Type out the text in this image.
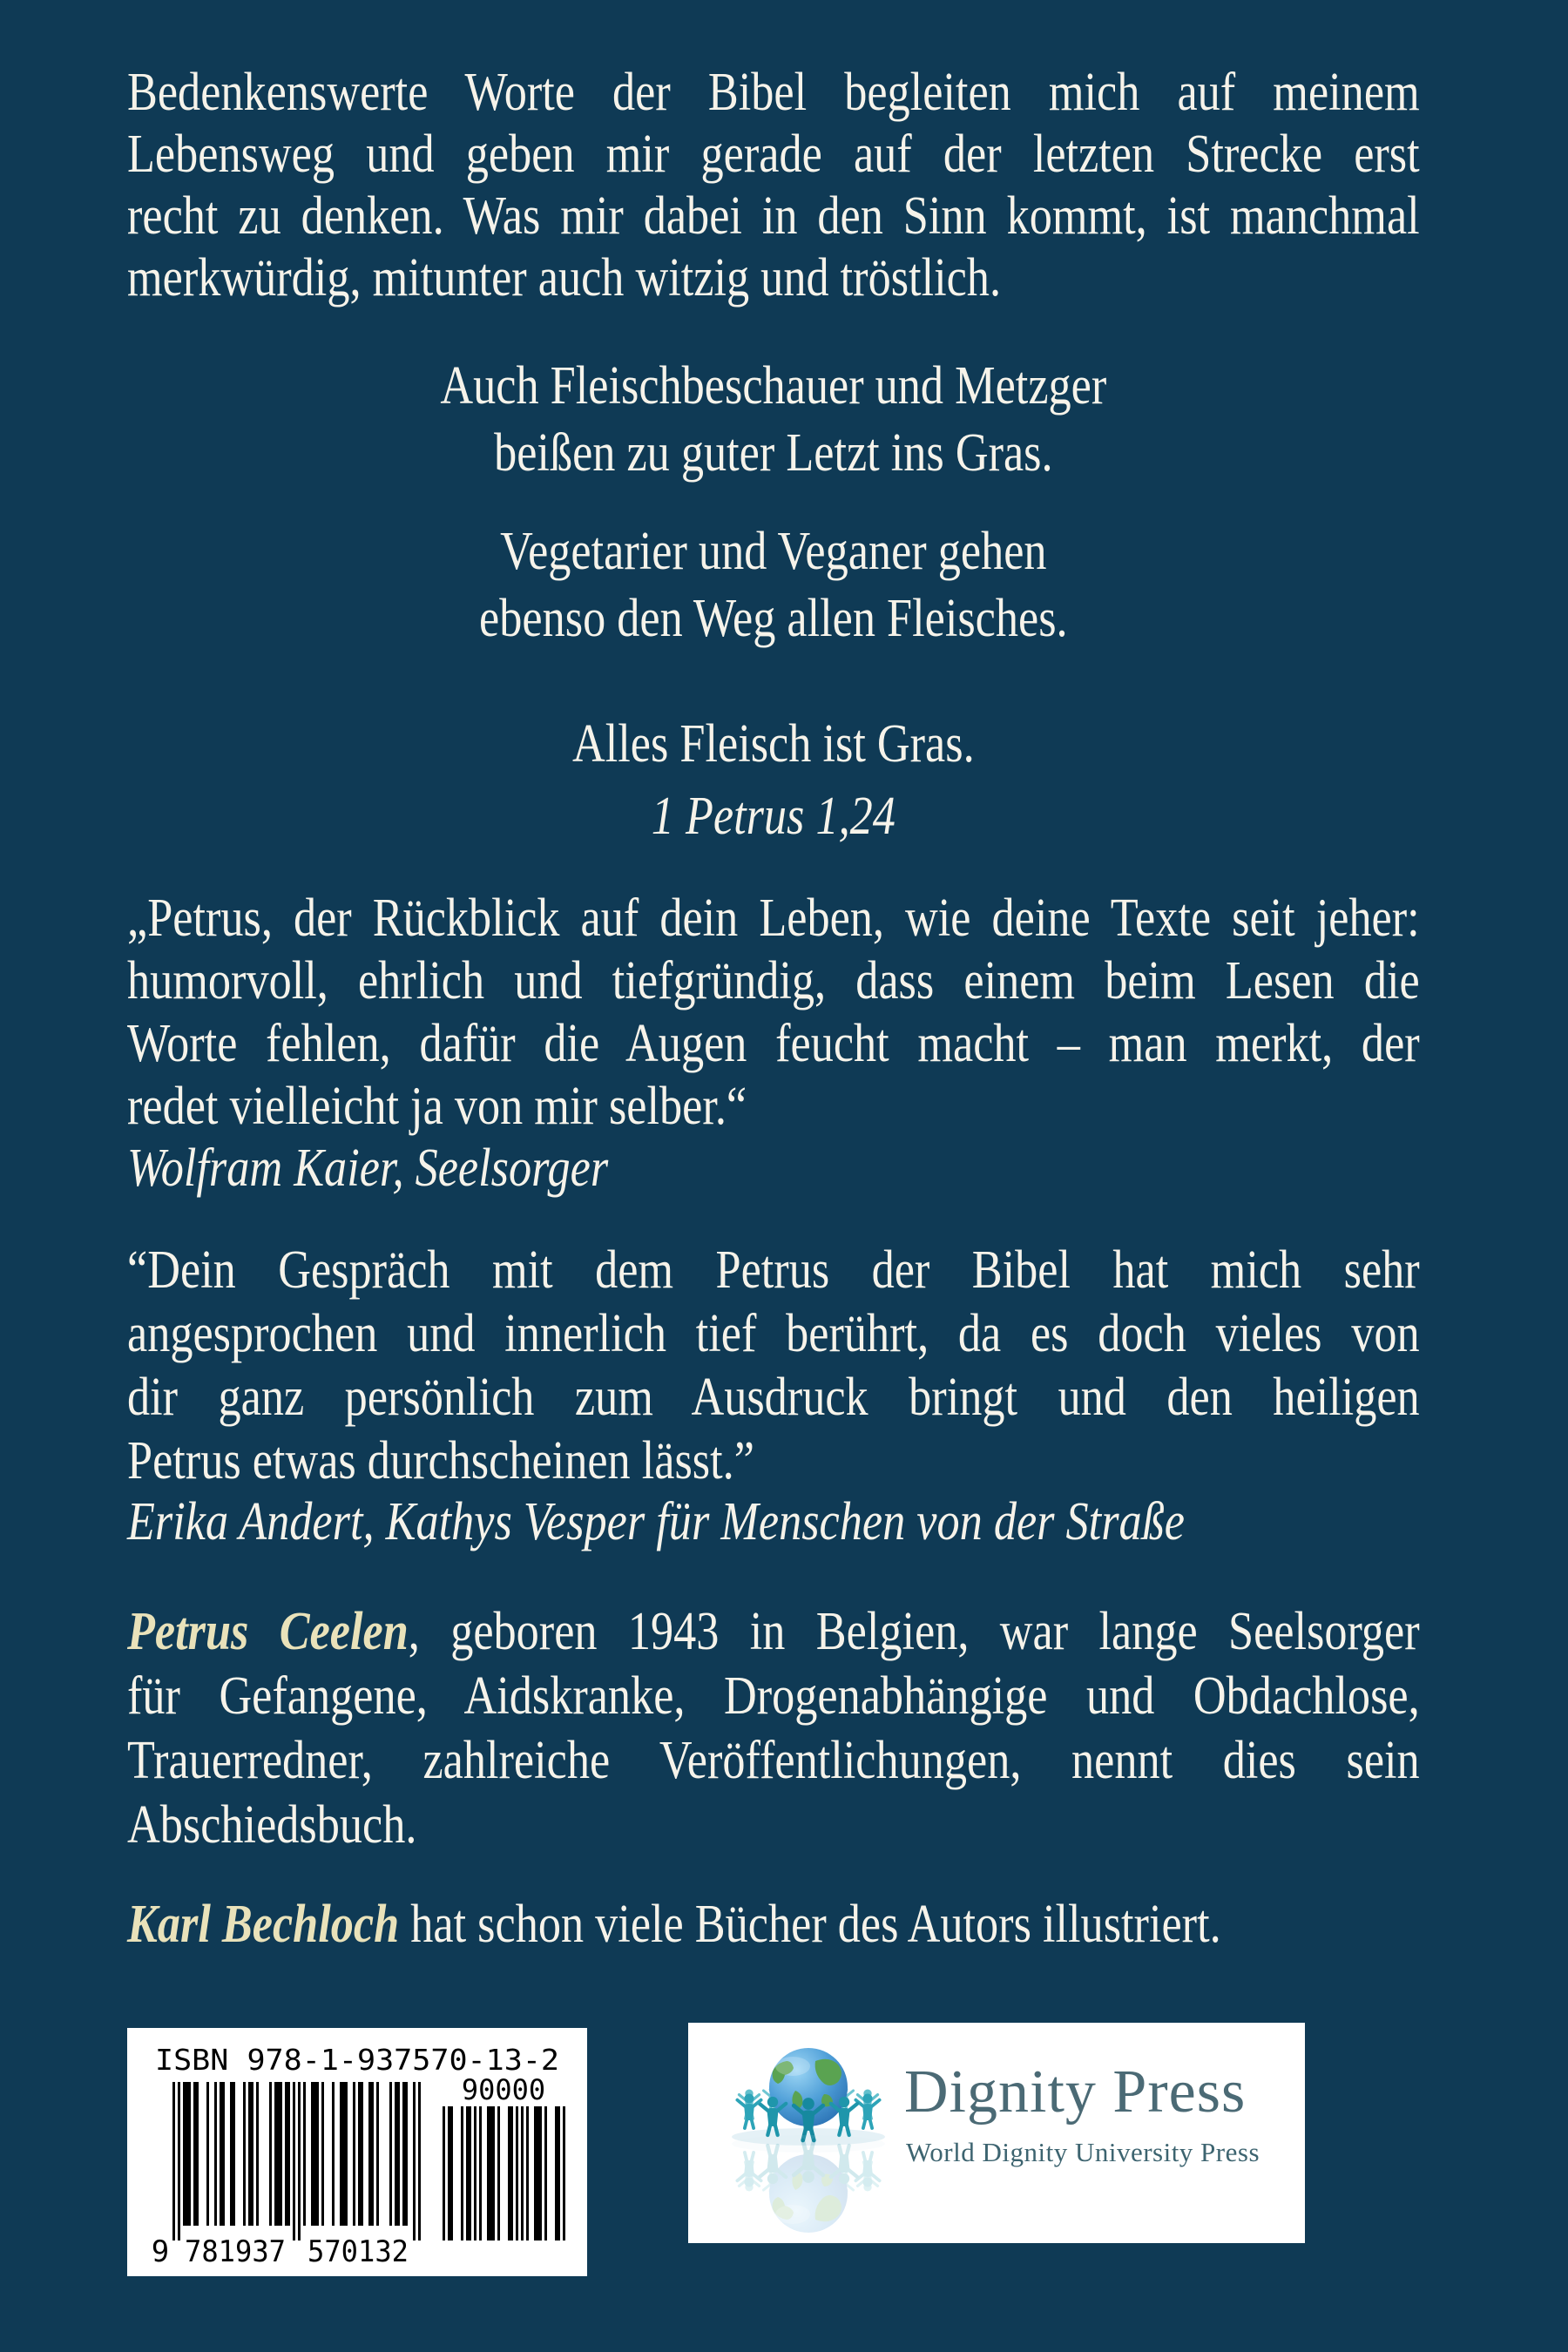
Bedenkenswerte Worte der Bibel begleiten mich auf meinem
Lebensweg und geben mir gerade auf der letzten Strecke erst
recht zu denken. Was mir dabei in den Sinn kommt, ist manchmal
merkwürdig, mitunter auch witzig und tröstlich.
Auch Fleischbeschauer und Metzger
beißen zu guter Letzt ins Gras.
Vegetarier und Veganer gehen
ebenso den Weg allen Fleisches.
Alles Fleisch ist Gras.
1 Petrus 1,24
„Petrus, der Rückblick auf dein Leben, wie deine Texte seit jeher:
humorvoll, ehrlich und tiefgründig, dass einem beim Lesen die
Worte fehlen, dafür die Augen feucht macht – man merkt, der
redet vielleicht ja von mir selber.“
Wolfram Kaier, Seelsorger
“Dein Gespräch mit dem Petrus der Bibel hat mich sehr
angesprochen und innerlich tief berührt, da es doch vieles von
dir ganz persönlich zum Ausdruck bringt und den heiligen
Petrus etwas durchscheinen lässt.”
Erika Andert, Kathys Vesper für Menschen von der Straße
Petrus Ceelen, geboren 1943 in Belgien, war lange Seelsorger
für Gefangene, Aidskranke, Drogenabhängige und Obdachlose,
Trauerredner, zahlreiche Veröffentlichungen, nennt dies sein
Abschiedsbuch.
Karl Bechloch hat schon viele Bücher des Autors illustriert.
ISBN 978-1-937570-13-2
90000
9 781937 570132
Dignity Press
World Dignity University Press
